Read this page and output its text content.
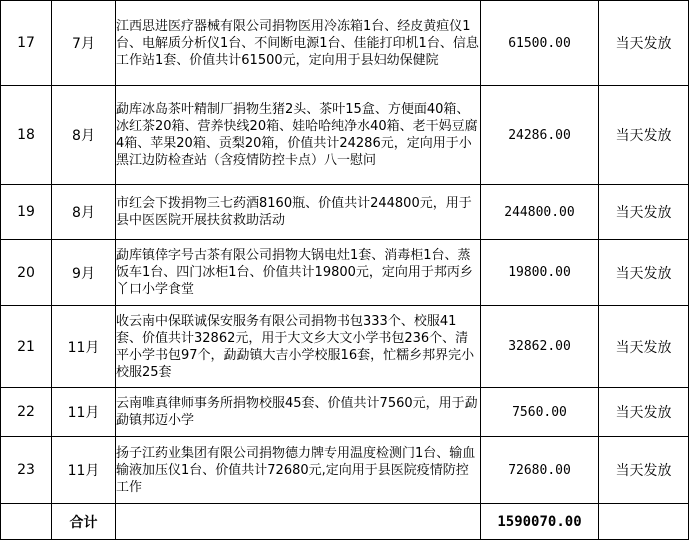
17	7月	江西思进医疗器械有限公司捐物医用冷冻箱1台、经皮黄疸仪1台、电解质分析仪1台、不间断电源1台、佳能打印机1台、信息工作站1套、价值共计61500元，定向用于县妇幼保健院	61500.00	当天发放
18	8月	勐库冰岛茶叶精制厂捐物生猪2头、茶叶15盒、方便面40箱、冰红茶20箱、营养快线20箱、娃哈哈纯净水40箱、老干妈豆腐4箱、苹果20箱、贡梨20箱，价值共计24286元，定向用于小黑江边防检查站（含疫情防控卡点）八一慰问	24286.00	当天发放
19	8月	市红会下拨捐物三七药酒8160瓶、价值共计244800元，用于县中医医院开展扶贫救助活动	244800.00	当天发放
20	9月	勐库镇倖字号古茶有限公司捐物大锅电灶1套、消毒柜1台、蒸饭车1台、四门冰柜1台、价值共计19800元，定向用于邦丙乡丫口小学食堂	19800.00	当天发放
21	11月	收云南中保联诚保安服务有限公司捐物书包333个、校服41套、价值共计32862元，用于大文乡大文小学书包236个、清平小学书包97个，勐勐镇大吉小学校服16套，忙糯乡邦界完小校服25套	32862.00	当天发放
22	11月	云南唯真律师事务所捐物校服45套、价值共计7560元，用于勐勐镇邦迈小学	7560.00	当天发放
23	11月	扬子江药业集团有限公司捐物德力牌专用温度检测门1台、输血输液加压仪1台、价值共计72680元,定向用于县医院疫情防控工作	72680.00	当天发放
	合计		1590070.00	
